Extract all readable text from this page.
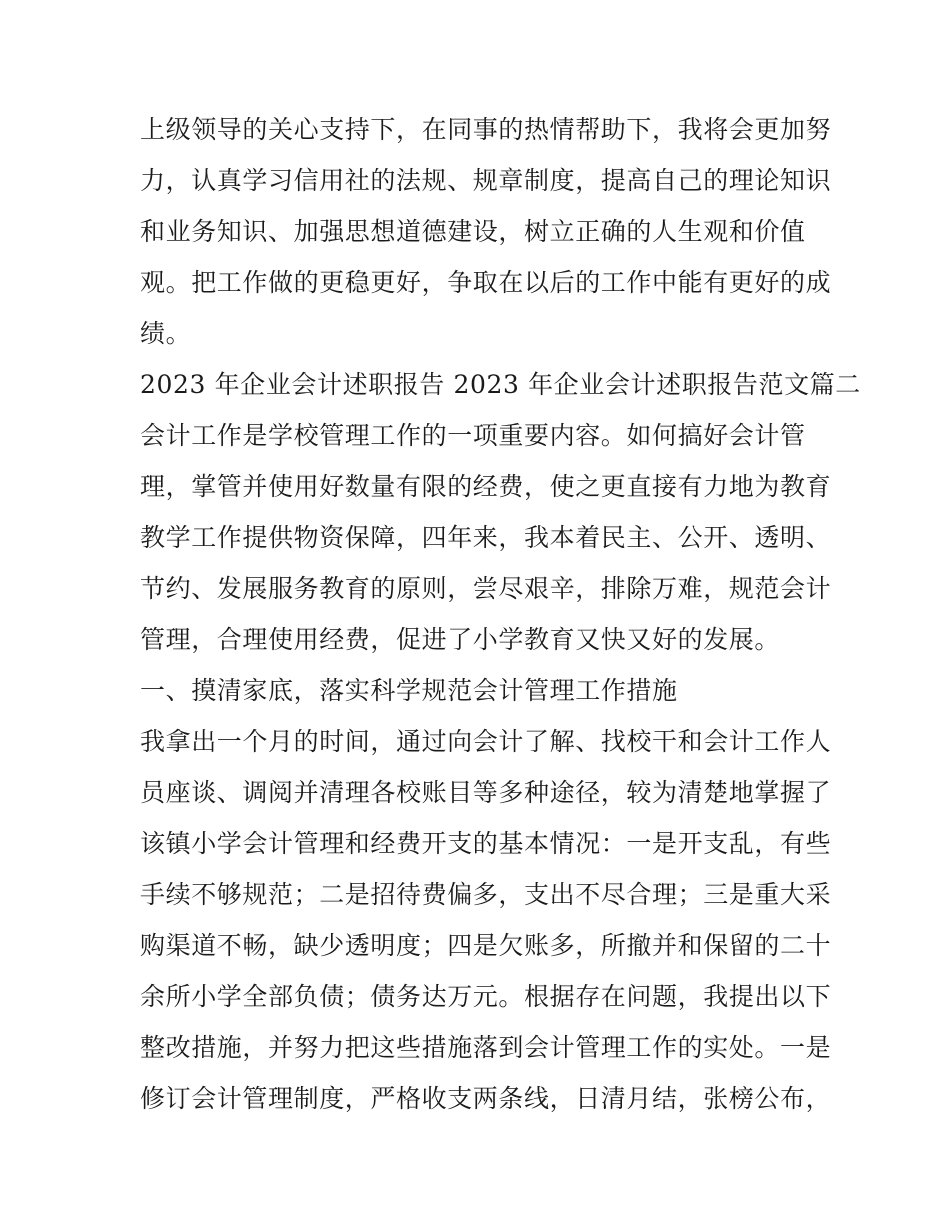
上级领导的关心支持下，在同事的热情帮助下，我将会更加努
力，认真学习信用社的法规、规章制度，提高自己的理论知识
和业务知识、加强思想道德建设，树立正确的人生观和价值
观。把工作做的更稳更好，争取在以后的工作中能有更好的成
绩。
2023 年企业会计述职报告 2023 年企业会计述职报告范文篇二
会计工作是学校管理工作的一项重要内容。如何搞好会计管
理，掌管并使用好数量有限的经费，使之更直接有力地为教育
教学工作提供物资保障，四年来，我本着民主、公开、透明、
节约、发展服务教育的原则，尝尽艰辛，排除万难，规范会计
管理，合理使用经费，促进了小学教育又快又好的发展。
一、摸清家底，落实科学规范会计管理工作措施
我拿出一个月的时间，通过向会计了解、找校干和会计工作人
员座谈、调阅并清理各校账目等多种途径，较为清楚地掌握了
该镇小学会计管理和经费开支的基本情况：一是开支乱，有些
手续不够规范；二是招待费偏多，支出不尽合理；三是重大采
购渠道不畅，缺少透明度；四是欠账多，所撤并和保留的二十
余所小学全部负债；债务达万元。根据存在问题，我提出以下
整改措施，并努力把这些措施落到会计管理工作的实处。一是
修订会计管理制度，严格收支两条线，日清月结，张榜公布，
